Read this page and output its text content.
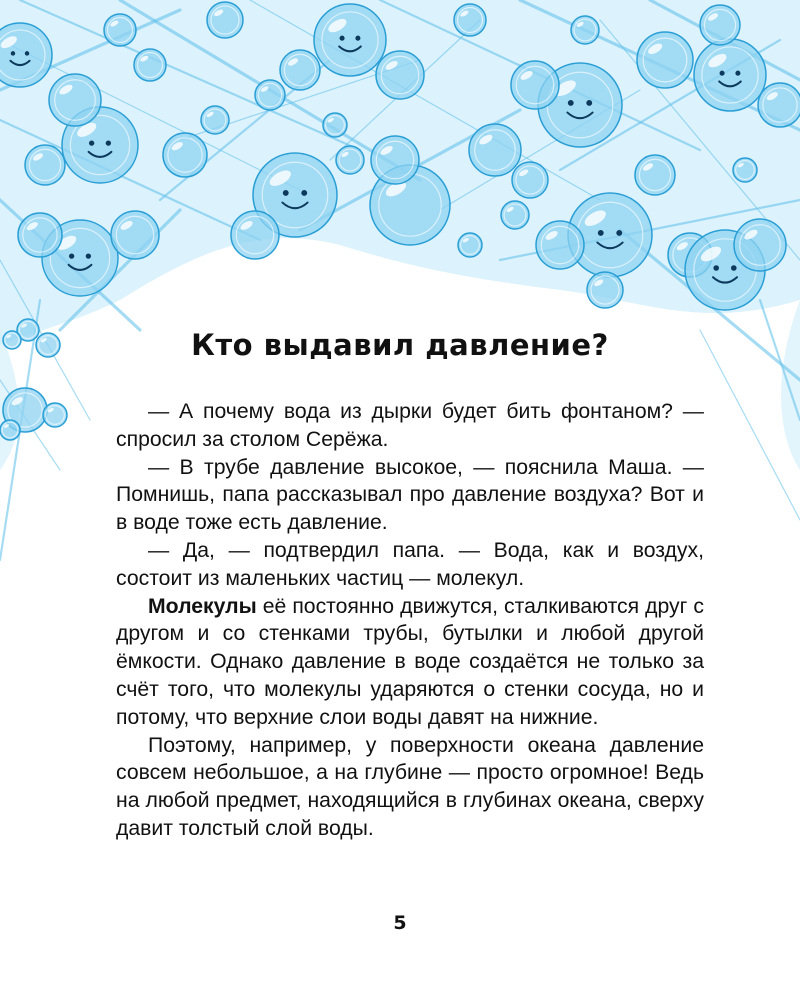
Кто выдавил давление?

— А почему вода из дырки будет бить фонтаном? — спросил за столом Серёжа.

— В трубе давление высокое, — пояснила Маша. — Помнишь, папа рассказывал про давление воздуха? Вот и в воде тоже есть давление.

— Да, — подтвердил папа. — Вода, как и воздух, состоит из маленьких частиц — молекул.

Молекулы её постоянно движутся, сталкиваются друг с другом и со стенками трубы, бутылки и любой другой ёмкости. Однако давление в воде создаётся не только за счёт того, что молекулы ударяются о стенки сосуда, но и потому, что верхние слои воды давят на нижние.

Поэтому, например, у поверхности океана давление совсем небольшое, а на глубине — просто огромное! Ведь на любой предмет, находящийся в глубинах океана, сверху давит толстый слой воды.

5
